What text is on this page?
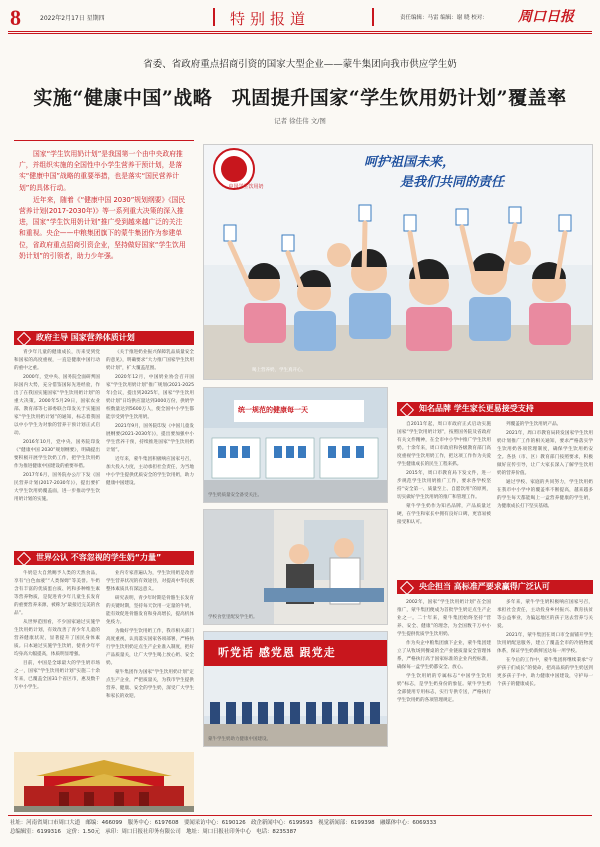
8	2022年2月17日 星期四	特别报道	责任编辑：马雷 编辑：谢 晓 校对： 周口日报
省委、省政府重点招商引资的国家大型企业——蒙牛集团向我市供应学生奶
实施“健康中国”战略　巩固提升国家“学生饮用奶计划”覆盖率
记者 徐佳伟 文/图

国家“学生饮用奶计划”是我国第一个由中央政府推广，并组织实施的全国性中小学生营养干预计划，是落实“健康中国”战略的重要举措，也是落实“国民营养计划”的具体行动。

近年来，随着《“健康中国 2030”规划纲要》《国民营养计划(2017-2030年)》等一系列重大决策的深入推进，国家“学生饮用奶计划”推广受到越来越广泛的关注和重视。央企——中粮集团旗下的蒙牛集团作为参建单位，省政府重点招商引资企业，坚持做好国家“学生饮用奶计划”的引领者，助力少年强。

中国学生饮用奶
呵护祖国未来，
是我们共同的责任
喝上营养奶，学生真开心。
政府主导 国家营养体质计划

青少年儿童的健康成长，历来受到党和国家的高度重视，一直是健康中国行动的重中之重。

2000年，党中央、国务院全面研判国际国内大势，充分借鉴国际先进经验，作出了在我国实施国家“学生饮用奶计划”的重大决策。2000年5月29日，国家农业部、教育部等七部委联合印发关于实施国家“学生饮用奶计划”的通知，标志着我国以中小学生为对象的营养干预计划正式启动。

2016年10月，党中央、国务院印发《“健康中国 2030”规划纲要》，明确提出要积极开展学生饮奶工作，把学生饮用奶作为推进健康中国建设的重要举措。

2017年6月，国务院办公厅下发《国民营养计划(2017-2030年)》，提出要扩大学生饮用奶覆盖面，进一步推动学生饮用奶计划的实施。

《关于推进奶业振兴保障乳品质量安全的意见》，明确要求“大力推广国家学生饮用奶计划”，扩大覆盖范围。

2020年12月，中国奶业协会召开国家“学生饮用奶计划”推广规划(2021-2025年)会议，提出到2025年，国家“学生饮用奶计划”日均供应量达到3000万份，供奶学校数量达到5600万人，使全国中小学生都能享受到学生饮用奶。

2021年9月，国务院印发《中国儿童发展纲要(2021-2030年)》，提出要加强中小学生营养干预，持续推进国家“学生饮用奶计划”。

近年来，蒙牛集团积极响应国家号召，加大投入力度，主动承担社会责任，为当地中小学生提供优质安全的学生饮用奶，助力健康中国建设。

世界公认 不容忽视的学生奶“力量”

牛奶是大自然赐予人类的天然食品，享有“白色血液”“人类保姆”等美誉。牛奶含有丰富的优质蛋白质、钙和多种维生素等营养物质，是促进青少年儿童生长发育的重要营养来源，被称为“最接近完美的食品”。

从世界范围看，不少国家通过实施学生饮用奶计划，有效改善了青少年儿童的营养健康状况，显著提升了国民身体素质。日本通过实施学生饮奶，使青少年平均身高大幅提高，体质明显增强。

目前，中国是全球最大的学生奶市场之一，国家“学生饮用奶计划”实施二十余年来，已覆盖全国31个省区市，惠及数千万中小学生。

业内专家普遍认为，学生饮用奶是改善学生营养状况的有效途径，对提高中华民族整体素质具有深远意义。

研究表明，青少年时期是骨骼生长发育的关键时期，坚持每天饮用一定量的牛奶，能有效促进骨骼发育和身高增长，提高机体免疫力。

为做好学生饮用奶工作，我市相关部门高度重视，认真落实国家各项部署，严格执行学生饮用奶定点生产企业准入制度，把好产品质量关，让广大学生喝上放心奶、安全奶。

蒙牛集团作为国家“学生饮用奶计划”定点生产企业，严把质量关，为我市学生提供营养、健康、安全的学生奶，深受广大学生和家长的欢迎。

统一规范的健康每一天
学生奶质量安全备受关注。
学校食堂里配发学生奶。
听党话 感党恩 跟党走
蒙牛学生奶助力健康中国建设。
知名品牌 学生家长更易接受支持

自2011年起，周口市政府正式启动实施国家“学生饮用奶计划”，按照国务院及省政府有关文件精神，在全市中小学中推广学生饮用奶。十余年来，周口市政府和各级教育部门高度重视学生饮用奶工作，把这项工作作为关爱学生健康成长的民生工程来抓。

2015年，周口市教育局下发文件，进一步规范学生饮用奶推广工作，要求各学校坚持“安全第一、质量至上、自愿饮用”的原则，切实做好学生饮用奶的推广和管理工作。

蒙牛学生奶作为知名品牌，产品质量过硬，在学生和家长中拥有良好口碑，更容易被接受和认可。

列覆盖的学生饮用奶产品。

2021年，周口市教育局转发国家学生饮用奶计划推广工作的相关通知，要求严格落实学生饮用奶各项管理制度，确保学生饮用奶安全。各县（市、区）教育部门按照要求，积极做好宣传引导，让广大家长深入了解学生饮用奶的营养价值。

通过学校、家庭的共同努力，学生饮用奶在我市中小学中的覆盖率不断提高，越来越多的学生每天都能喝上一盒营养健康的学生奶，为健康成长打下坚实基础。

央企担当 高标准严要求赢得广泛认可

2002年，国家“学生饮用奶计划”在全国推广，蒙牛集团便成为首批学生奶定点生产企业之一。二十年来，蒙牛集团始终坚持“营养、安全、健康”的理念，为全国数千万中小学生提供优质学生饮用奶。

作为央企中粮集团旗下企业，蒙牛集团建立了从牧场到餐桌的全产业链质量安全管理体系，严格执行高于国家标准的企业内控标准，确保每一盒学生奶都安全、放心。

学生饮用奶的专属标志“中国学生饮用奶”标志，是学生奶身份的象征。蒙牛学生奶全部使用专用标志，实行专供专送，严格执行学生饮用奶的各项管理规定。

多年来，蒙牛学生奶积极响应国家号召，承担社会责任，主动投身乡村振兴、教育扶贫等公益事业，为偏远地区的孩子送去营养与关爱。

2021年，蒙牛集团在周口市全面铺开学生饮用奶配送服务，建立了覆盖全市的冷链物流体系，保证学生奶新鲜送达每一所学校。

在今后的工作中，蒙牛集团将继续秉承“守护孩子们成长”的使命，把高品质的学生奶送到更多孩子手中，助力健康中国建设，守护每一个孩子的健康成长。

社址：河南省周口市周口大道　邮编：466099　服务中心：6197608　要闻采访中心：6190126　政企新闻中心：6199593　视觉新闻部：6199398　融媒体中心：6069333
总编辑室：6199316　定价：1.50元　承印：周口日报社印务有限公司　地址：周口日报社印务中心　电话：8235387
